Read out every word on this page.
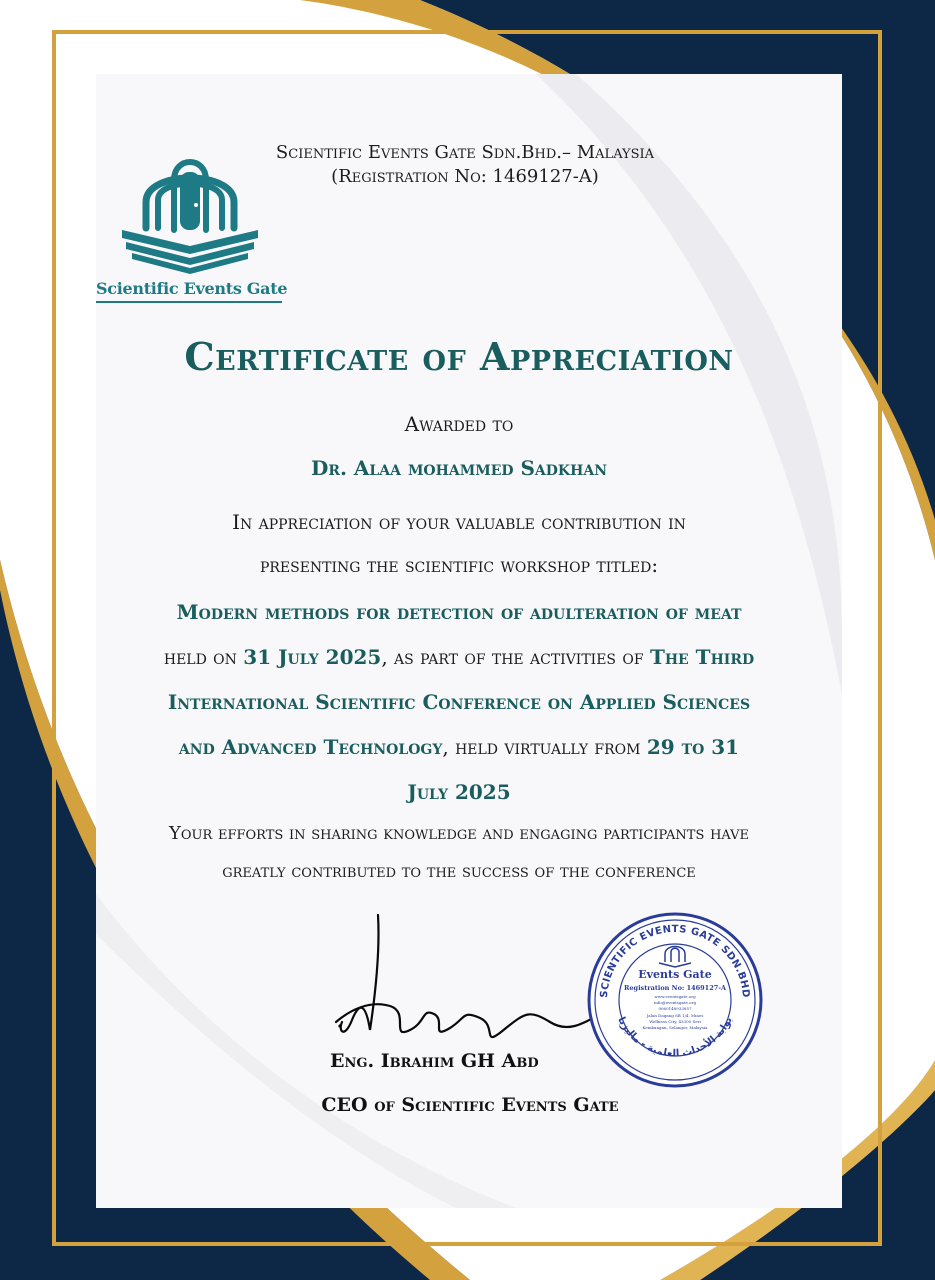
Scientific Events Gate Sdn.Bhd.– Malaysia
(Registration No: 1469127-A)
Scientific Events Gate
Certificate of Appreciation
Awarded to
Dr. Alaa mohammed Sadkhan
In appreciation of your valuable contribution in
presenting the scientific workshop titled:
Modern methods for detection of adulteration of meat
held on 31 July 2025, as part of the activities of The Third
International Scientific Conference on Applied Sciences
and Advanced Technology, held virtually from 29 to 31
July 2025
Your efforts in sharing knowledge and engaging participants have
greatly contributed to the success of the conference
Eng. Ibrahim GH Abd
CEO of Scientific Events Gate
SCIENTIFIC EVENTS GATE SDN.BHD
بوابة الأحداث العلمية - ماليزيا
Events Gate
Registration No: 1469127-A
www.eventsgate.org
info@eventsgate.org
0060148933857
Jalan Dagang SB 1/4, Mines
Wellness City, 43300 Seri
Kembangan, Selangor, Malaysia
